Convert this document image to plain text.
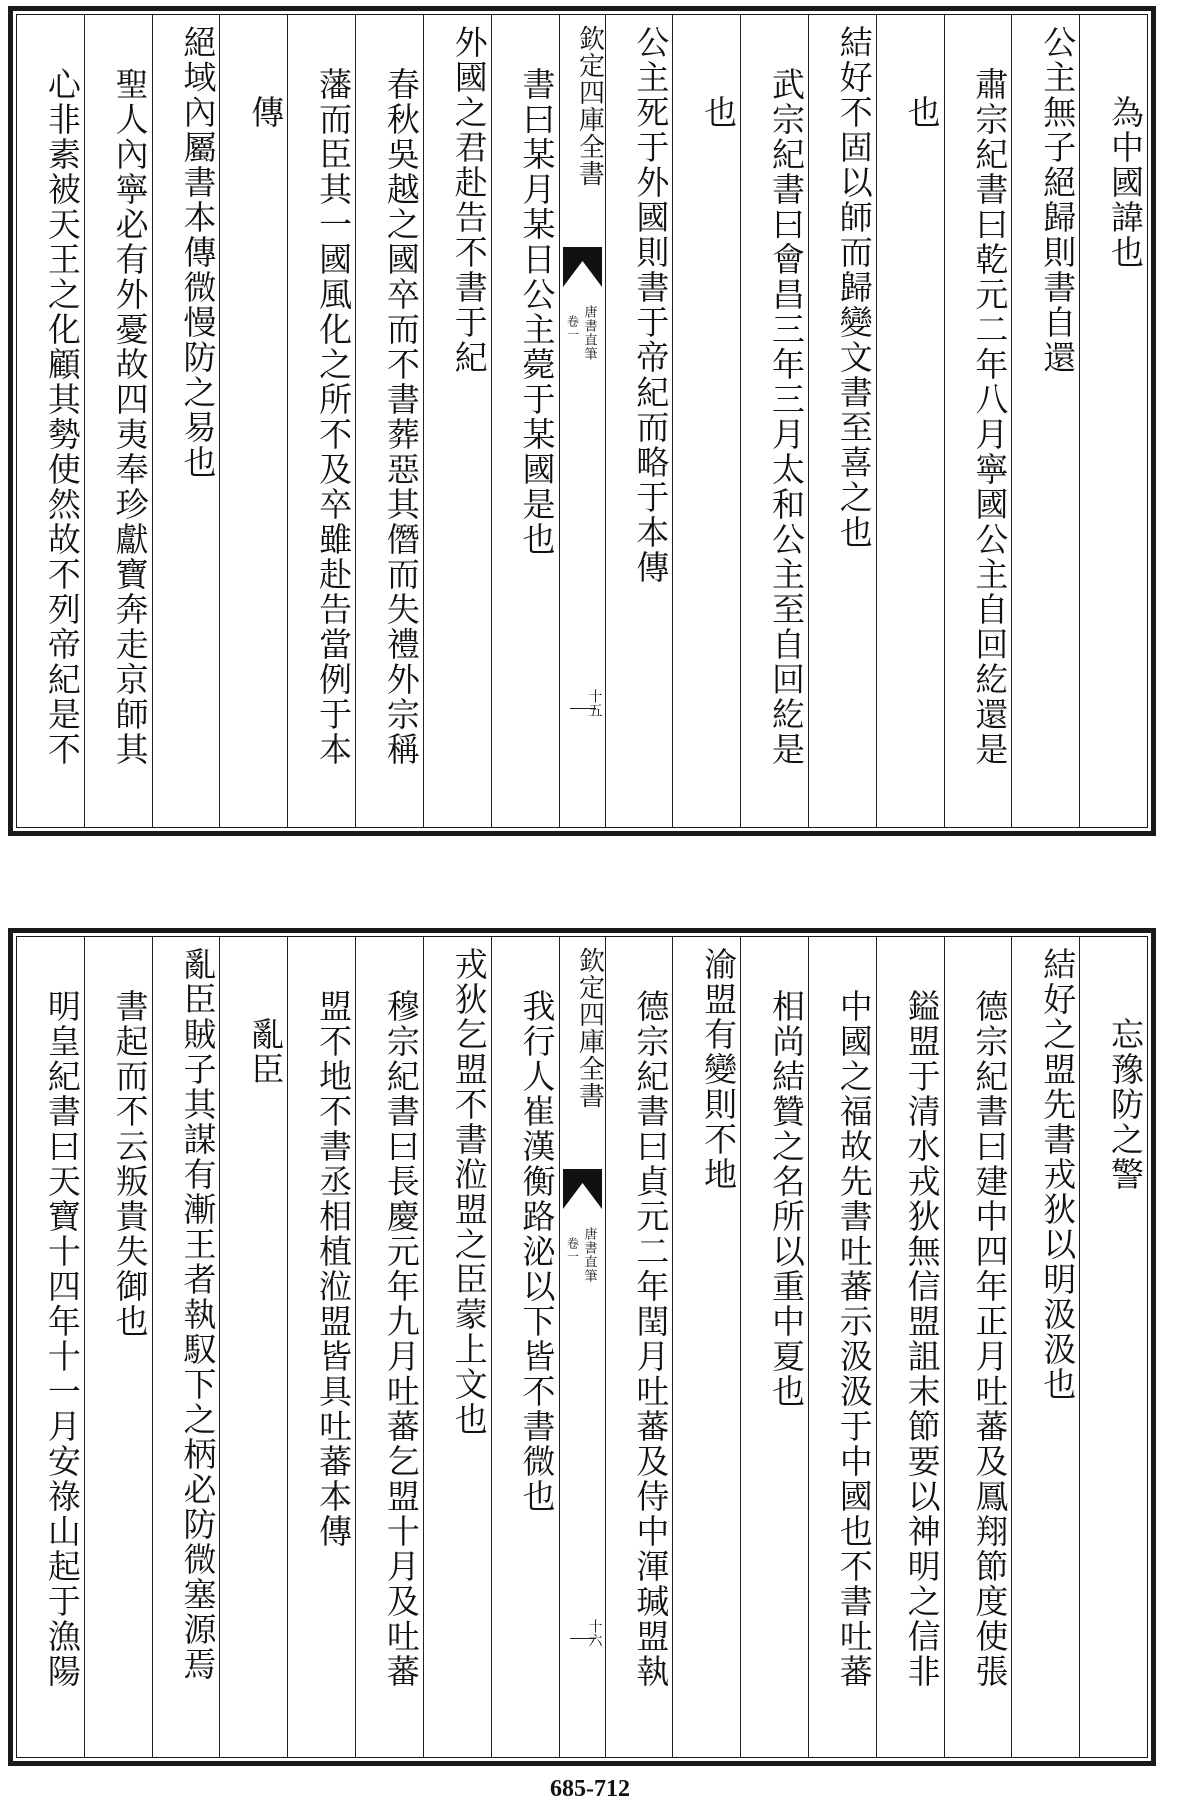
為中國諱也
公主無子絕歸則書自還
肅宗紀書曰乾元二年八月寧國公主自回紇還是
也
結好不固以師而歸變文書至喜之也
武宗紀書曰會昌三年三月太和公主至自回紇是
也
公主死于外國則書于帝紀而略于本傳
欽定四庫全書
唐書直筆
卷一
十五
書曰某月某日公主薨于某國是也
外國之君赴告不書于紀
春秋吳越之國卒而不書葬惡其僭而失禮外宗稱
藩而臣其一國風化之所不及卒雖赴告當例于本
傳
絕域內屬書本傳微慢防之易也
聖人內寧必有外憂故四夷奉珍獻寶奔走京師其
心非素被天王之化顧其勢使然故不列帝紀是不
忘豫防之警
結好之盟先書戎狄以明汲汲也
德宗紀書曰建中四年正月吐蕃及鳳翔節度使張
鎰盟于清水戎狄無信盟詛末節要以神明之信非
中國之福故先書吐蕃示汲汲于中國也不書吐蕃
相尚結贊之名所以重中夏也
渝盟有變則不地
德宗紀書曰貞元二年閏月吐蕃及侍中渾瑊盟執
欽定四庫全書
唐書直筆
卷一
十六
我行人崔漢衡路泌以下皆不書微也
戎狄乞盟不書涖盟之臣蒙上文也
穆宗紀書曰長慶元年九月吐蕃乞盟十月及吐蕃
盟不地不書丞相植涖盟皆具吐蕃本傳
亂臣
亂臣賊子其謀有漸王者執馭下之柄必防微塞源焉
書起而不云叛貴失御也
明皇紀書曰天寶十四年十一月安祿山起于漁陽
685-712
